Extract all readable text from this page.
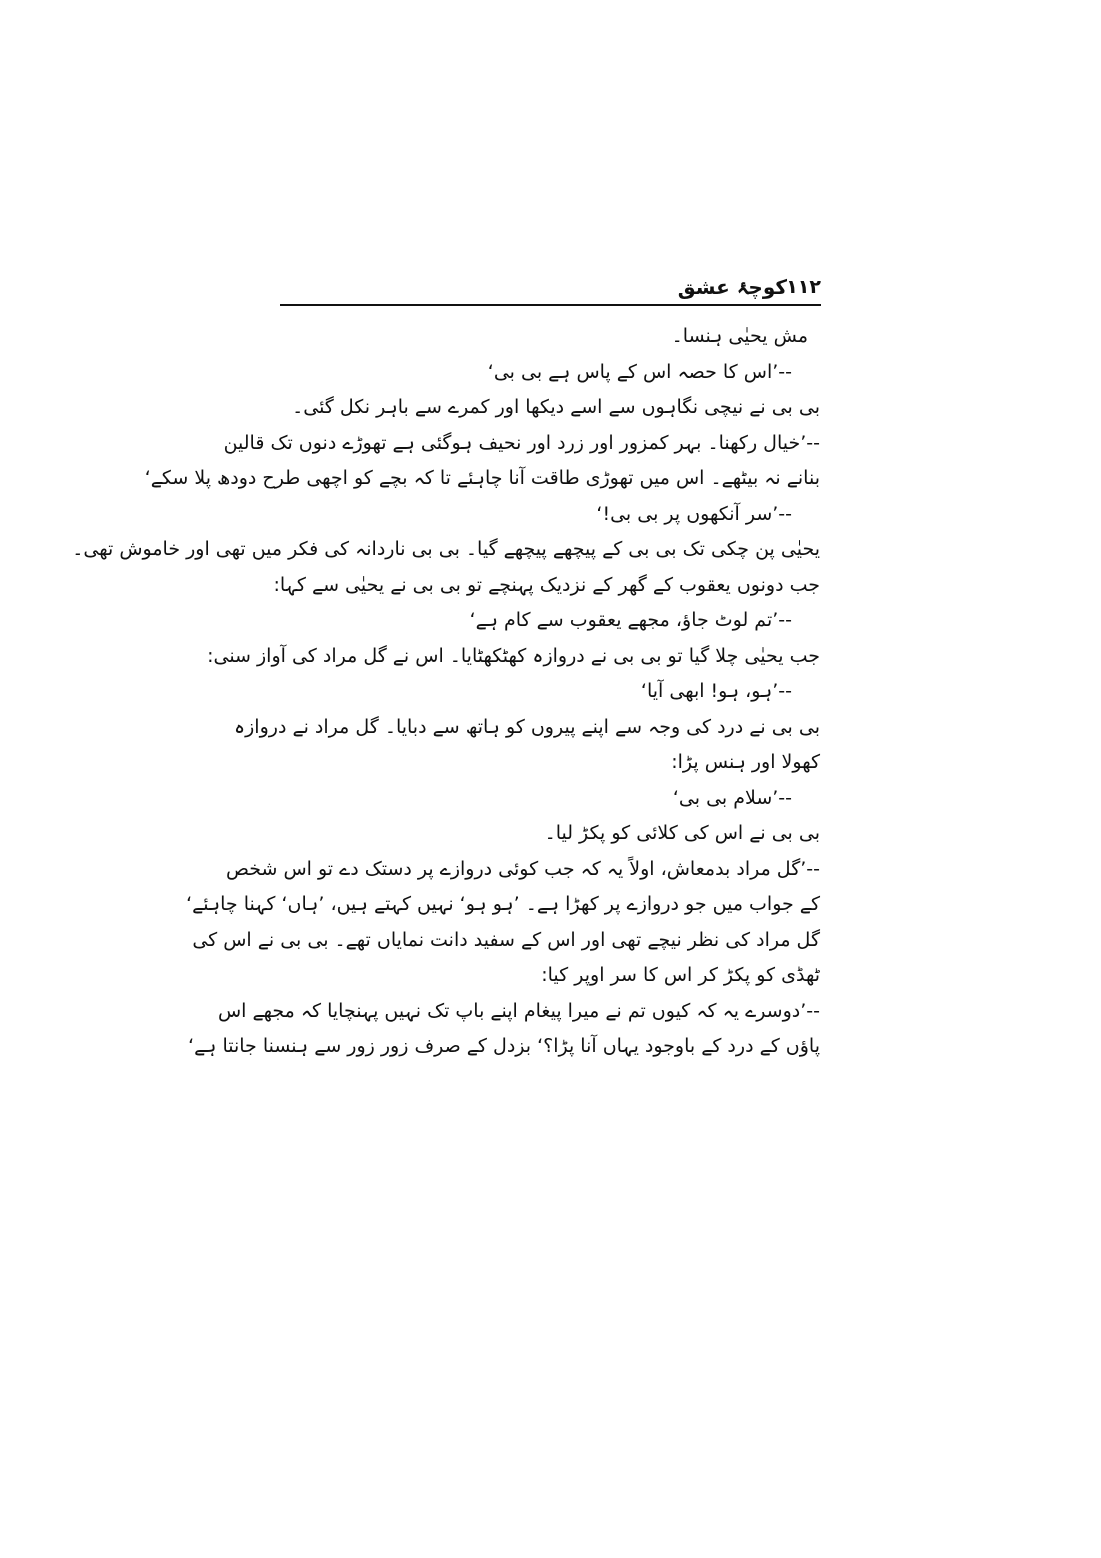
۱۱۲
کوچۂ عشق
مش یحیٰی ہنسا۔
--’اس کا حصہ اس کے پاس ہے بی بی‘
بی بی نے نیچی نگاہوں سے اسے دیکھا اور کمرے سے باہر نکل گئی۔
--’خیال رکھنا۔ بہر کمزور اور زرد اور نحیف ہوگئی ہے تھوڑے دنوں تک قالین
بنانے نہ بیٹھے۔ اس میں تھوڑی طاقت آنا چاہئے تا کہ بچے کو اچھی طرح دودھ پلا سکے‘
--’سر آنکھوں پر بی بی!‘
یحیٰی پن چکی تک بی بی کے پیچھے پیچھے گیا۔ بی بی ناردانہ کی فکر میں تھی اور خاموش تھی۔
جب دونوں یعقوب کے گھر کے نزدیک پہنچے تو بی بی نے یحیٰی سے کہا:
--’تم لوٹ جاؤ، مجھے یعقوب سے کام ہے‘
جب یحیٰی چلا گیا تو بی بی نے دروازہ کھٹکھٹایا۔ اس نے گل مراد کی آواز سنی:
--’ہو، ہو! ابھی آیا‘
بی بی نے درد کی وجہ سے اپنے پیروں کو ہاتھ سے دبایا۔ گل مراد نے دروازہ
کھولا اور ہنس پڑا:
--’سلام بی بی‘
بی بی نے اس کی کلائی کو پکڑ لیا۔
--’گل مراد بدمعاش، اولاً یہ کہ جب کوئی دروازے پر دستک دے تو اس شخص
کے جواب میں جو دروازے پر کھڑا ہے۔ ’ہو ہو‘ نہیں کہتے ہیں، ’ہاں‘ کہنا چاہئے‘
گل مراد کی نظر نیچے تھی اور اس کے سفید دانت نمایاں تھے۔ بی بی نے اس کی
ٹھڈی کو پکڑ کر اس کا سر اوپر کیا:
--’دوسرے یہ کہ کیوں تم نے میرا پیغام اپنے باپ تک نہیں پہنچایا کہ مجھے اس
پاؤں کے درد کے باوجود یہاں آنا پڑا؟‘ بزدل کے صرف زور زور سے ہنسنا جانتا ہے‘
